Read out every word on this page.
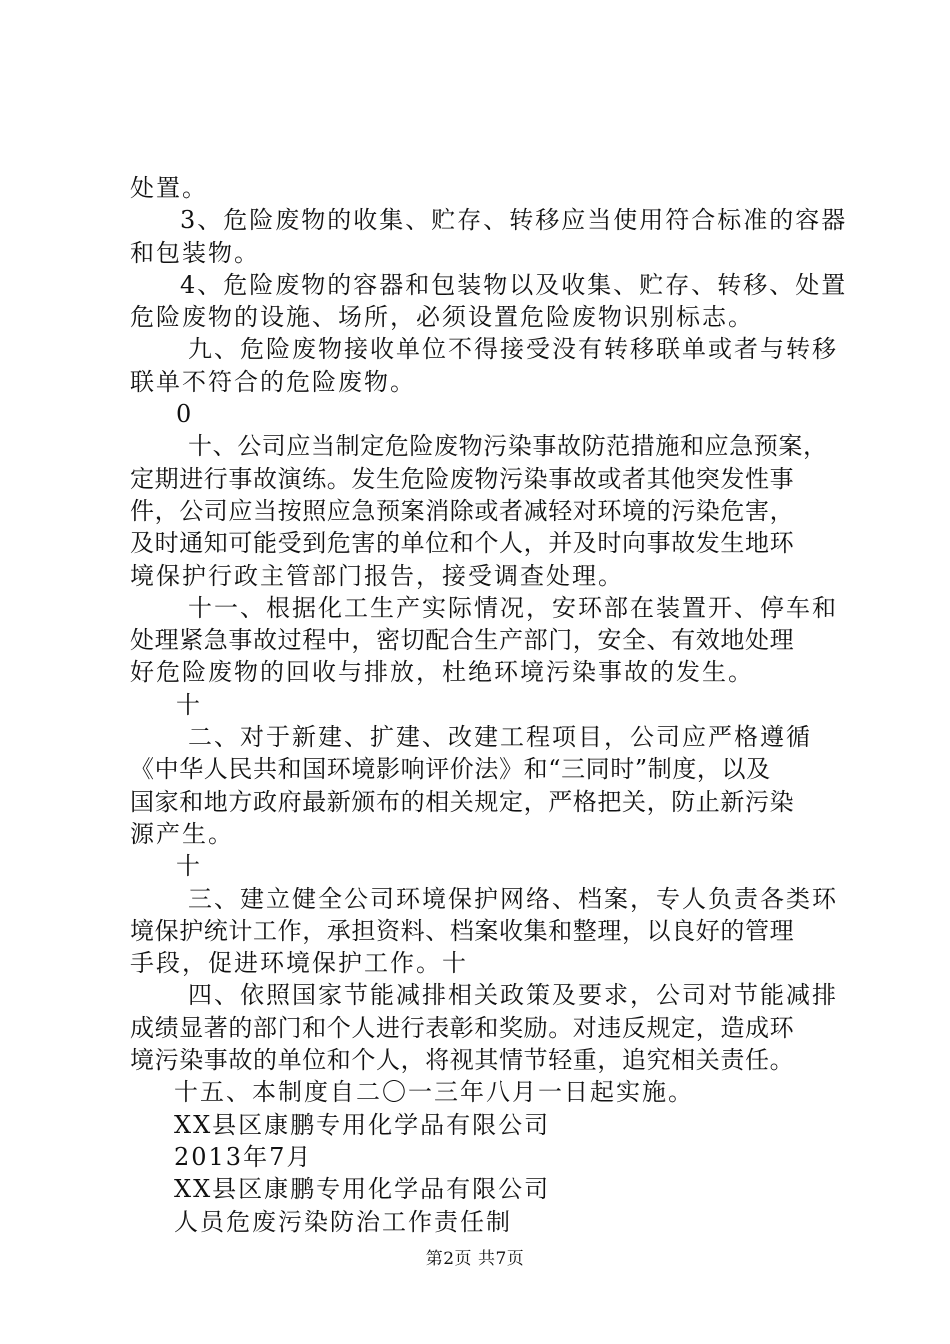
处置。
3、危险废物的收集、贮存、转移应当使用符合标准的容器
和包装物。
4、危险废物的容器和包装物以及收集、贮存、转移、处置
危险废物的设施、场所，必须设置危险废物识别标志。
九、危险废物接收单位不得接受没有转移联单或者与转移
联单不符合的危险废物。
0
十、公司应当制定危险废物污染事故防范措施和应急预案，
定期进行事故演练。发生危险废物污染事故或者其他突发性事
件，公司应当按照应急预案消除或者减轻对环境的污染危害，
及时通知可能受到危害的单位和个人，并及时向事故发生地环
境保护行政主管部门报告，接受调查处理。
十一、根据化工生产实际情况，安环部在装置开、停车和
处理紧急事故过程中，密切配合生产部门，安全、有效地处理
好危险废物的回收与排放，杜绝环境污染事故的发生。
十
二、对于新建、扩建、改建工程项目，公司应严格遵循
《中华人民共和国环境影响评价法》和“三同时”制度，以及
国家和地方政府最新颁布的相关规定，严格把关，防止新污染
源产生。
十
三、建立健全公司环境保护网络、档案，专人负责各类环
境保护统计工作，承担资料、档案收集和整理，以良好的管理
手段，促进环境保护工作。十
四、依照国家节能减排相关政策及要求，公司对节能减排
成绩显著的部门和个人进行表彰和奖励。对违反规定，造成环
境污染事故的单位和个人，将视其情节轻重，追究相关责任。
十五、本制度自二〇一三年八月一日起实施。
XX县区康鹏专用化学品有限公司
2013年7月
XX县区康鹏专用化学品有限公司
人员危废污染防治工作责任制
第2页 共7页
